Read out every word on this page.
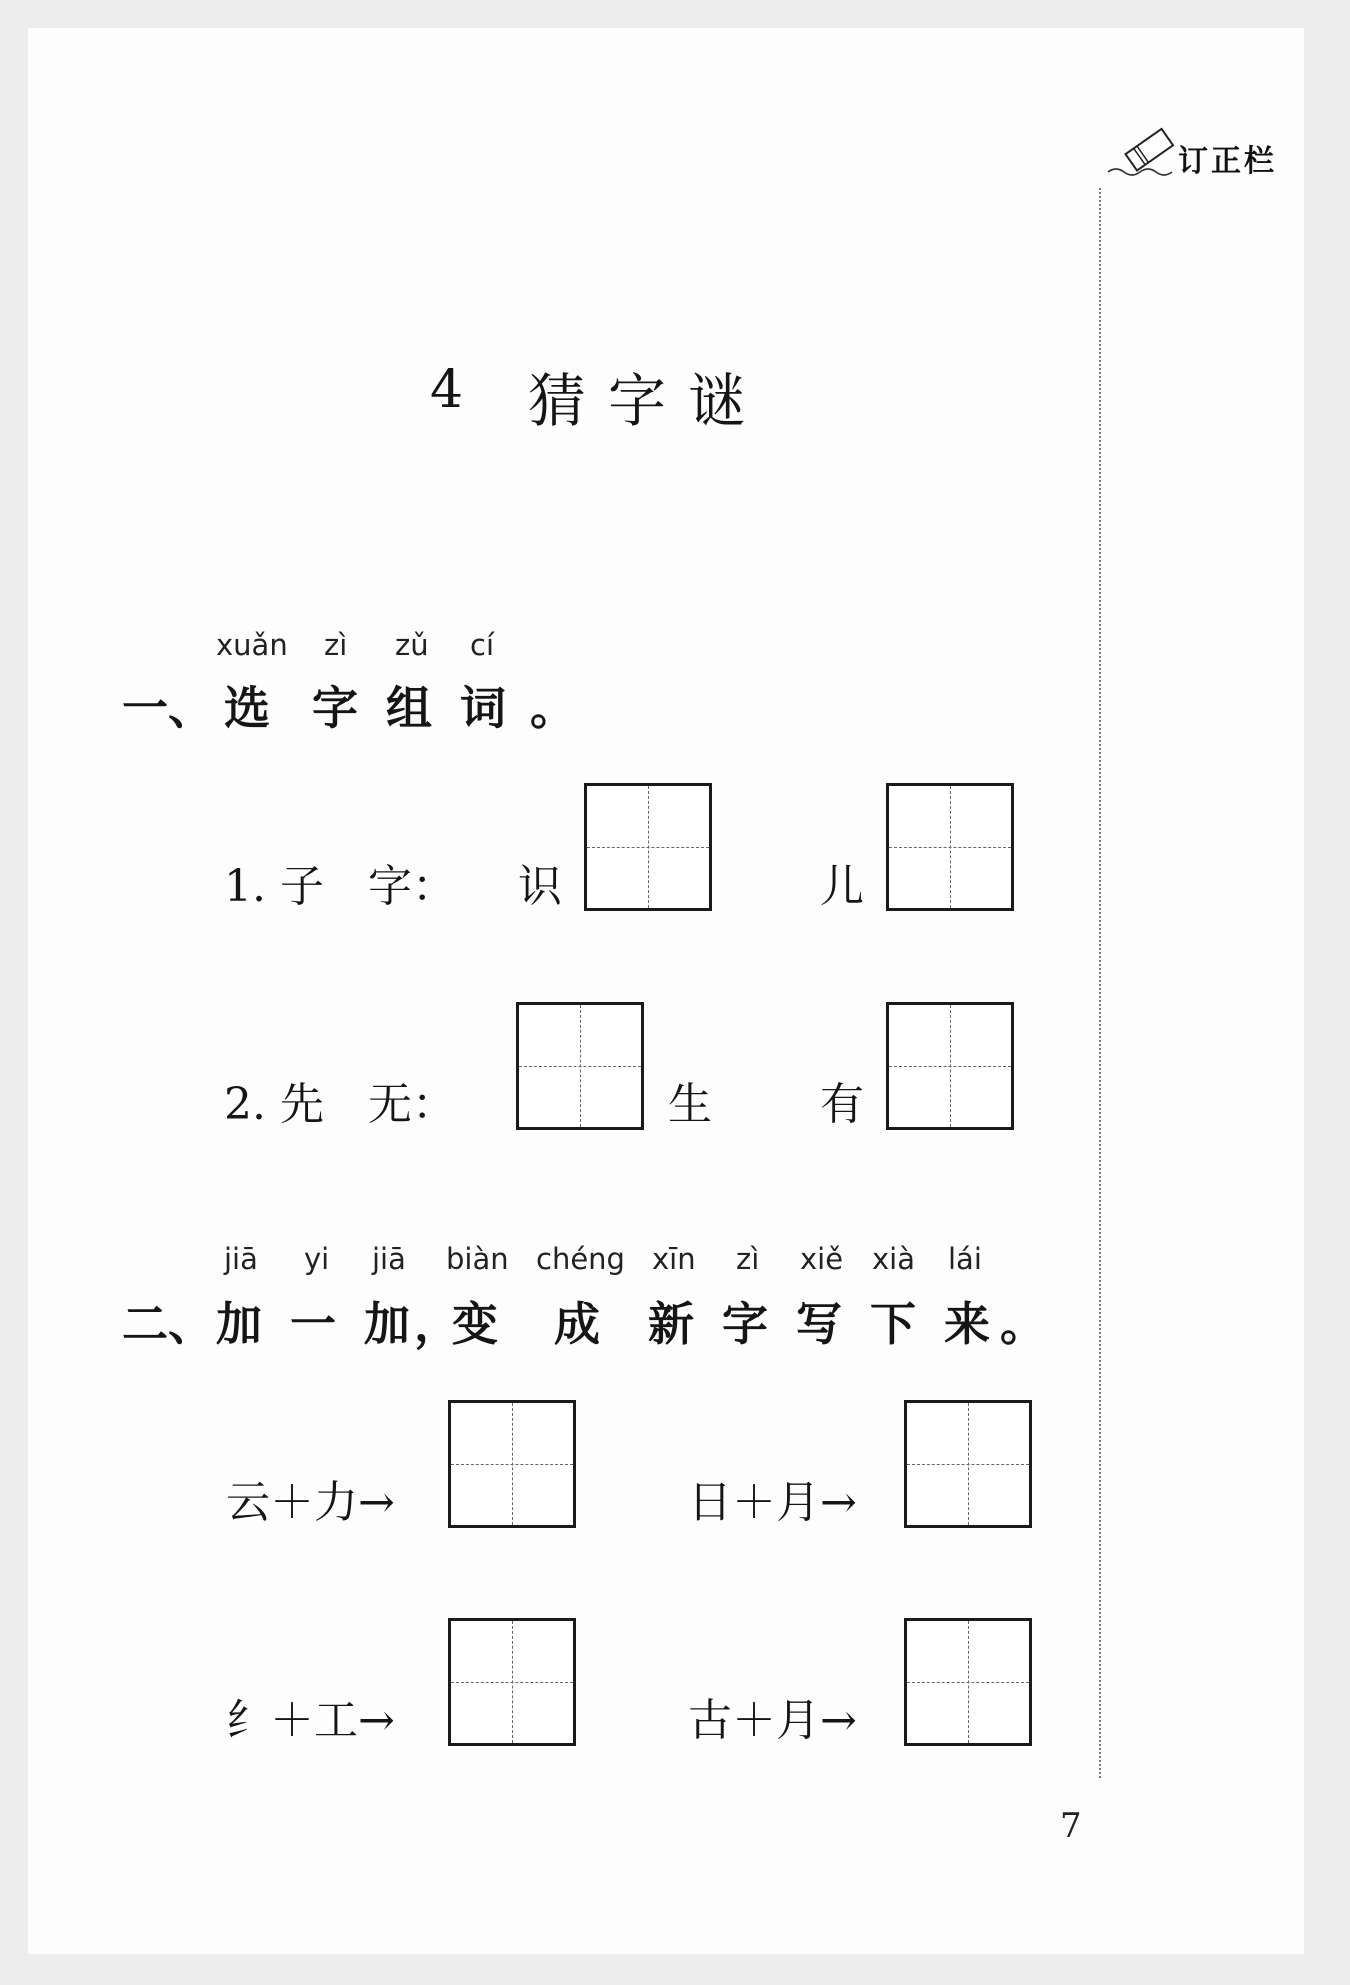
订正栏
4 猜字谜
xuǎn zì zǔ cí
一、 选 字 组 词 。
1. 子　字： 识	儿
2. 先　无：	生 有
jiā yi jiā biàn chéng xīn zì xiě xià lái
二、 加 一 加 ，
变 成 新 字 写 下 来 。
云＋力→	日＋月→
纟＋工→	古＋月→
7
